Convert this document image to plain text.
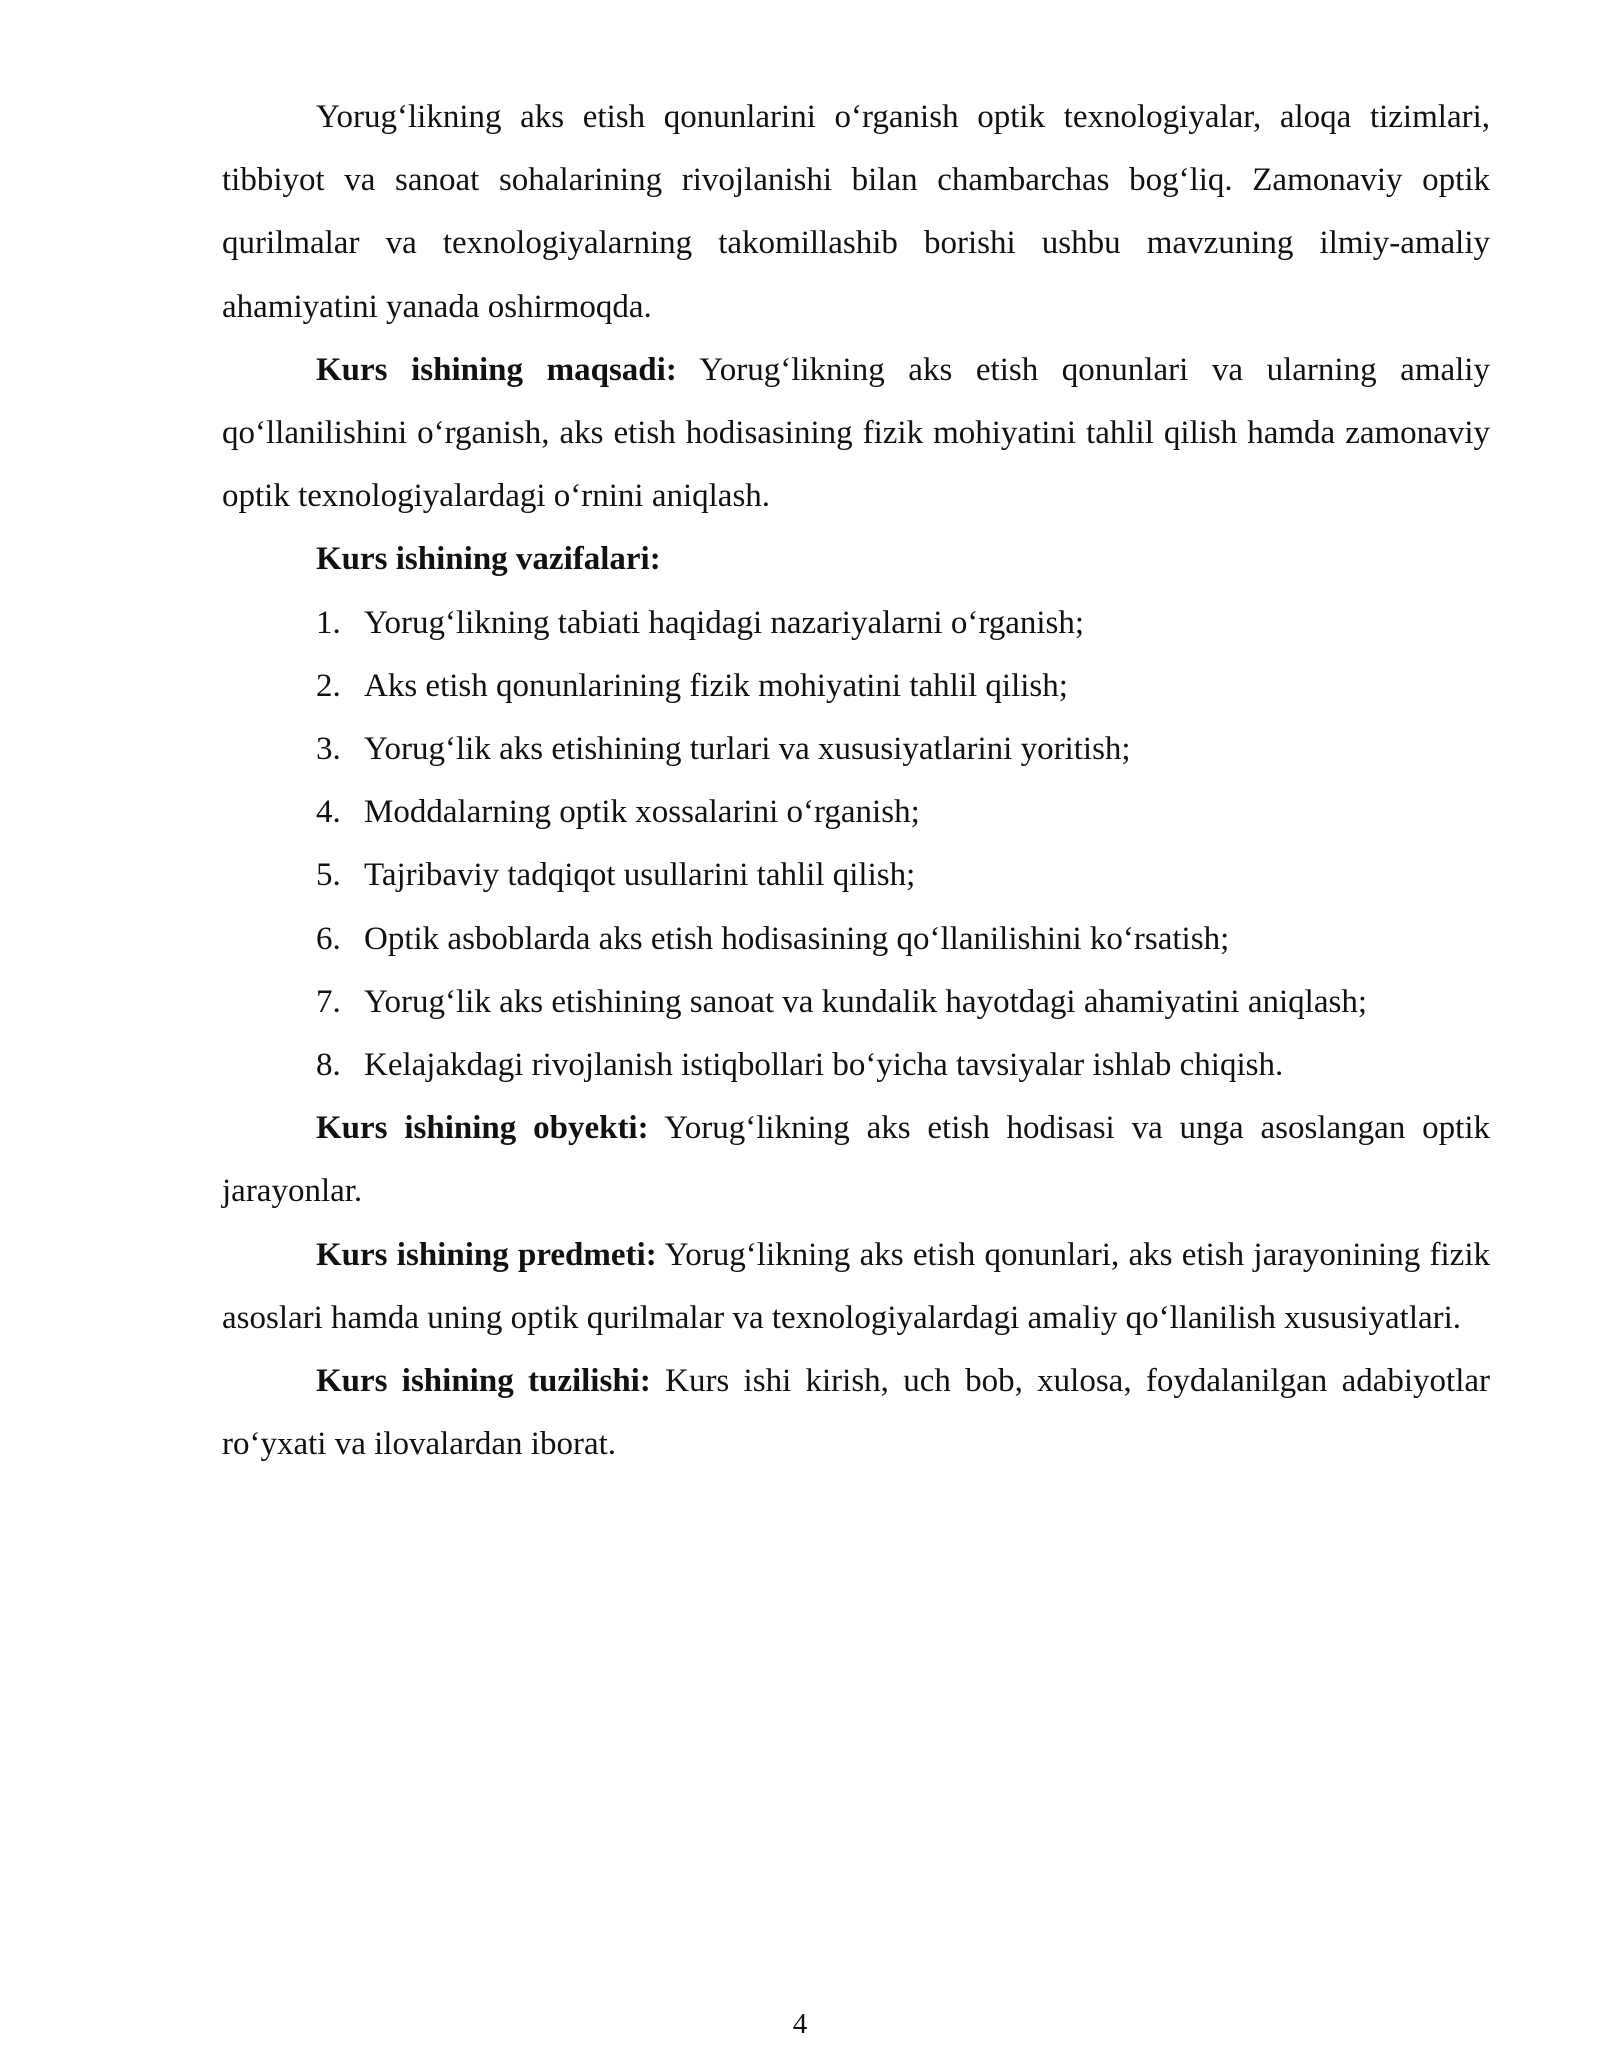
Yorug‘likning aks etish qonunlarini o‘rganish optik texnologiyalar, aloqa tizimlari, tibbiyot va sanoat sohalarining rivojlanishi bilan chambarchas bog‘liq. Zamonaviy optik qurilmalar va texnologiyalarning takomillashib borishi ushbu mavzuning ilmiy-amaliy ahamiyatini yanada oshirmoqda.

Kurs ishining maqsadi: Yorug‘likning aks etish qonunlari va ularning amaliy qo‘llanilishini o‘rganish, aks etish hodisasining fizik mohiyatini tahlil qilish hamda zamonaviy optik texnologiyalardagi o‘rnini aniqlash.

Kurs ishining vazifalari:

1. Yorug‘likning tabiati haqidagi nazariyalarni o‘rganish;
2. Aks etish qonunlarining fizik mohiyatini tahlil qilish;
3. Yorug‘lik aks etishining turlari va xususiyatlarini yoritish;
4. Moddalarning optik xossalarini o‘rganish;
5. Tajribaviy tadqiqot usullarini tahlil qilish;
6. Optik asboblarda aks etish hodisasining qo‘llanilishini ko‘rsatish;
7. Yorug‘lik aks etishining sanoat va kundalik hayotdagi ahamiyatini aniqlash;
8. Kelajakdagi rivojlanish istiqbollari bo‘yicha tavsiyalar ishlab chiqish.

Kurs ishining obyekti: Yorug‘likning aks etish hodisasi va unga asoslangan optik jarayonlar.

Kurs ishining predmeti: Yorug‘likning aks etish qonunlari, aks etish jarayonining fizik asoslari hamda uning optik qurilmalar va texnologiyalardagi amaliy qo‘llanilish xususiyatlari.

Kurs ishining tuzilishi: Kurs ishi kirish, uch bob, xulosa, foydalanilgan adabiyotlar ro‘yxati va ilovalardan iborat.

4
